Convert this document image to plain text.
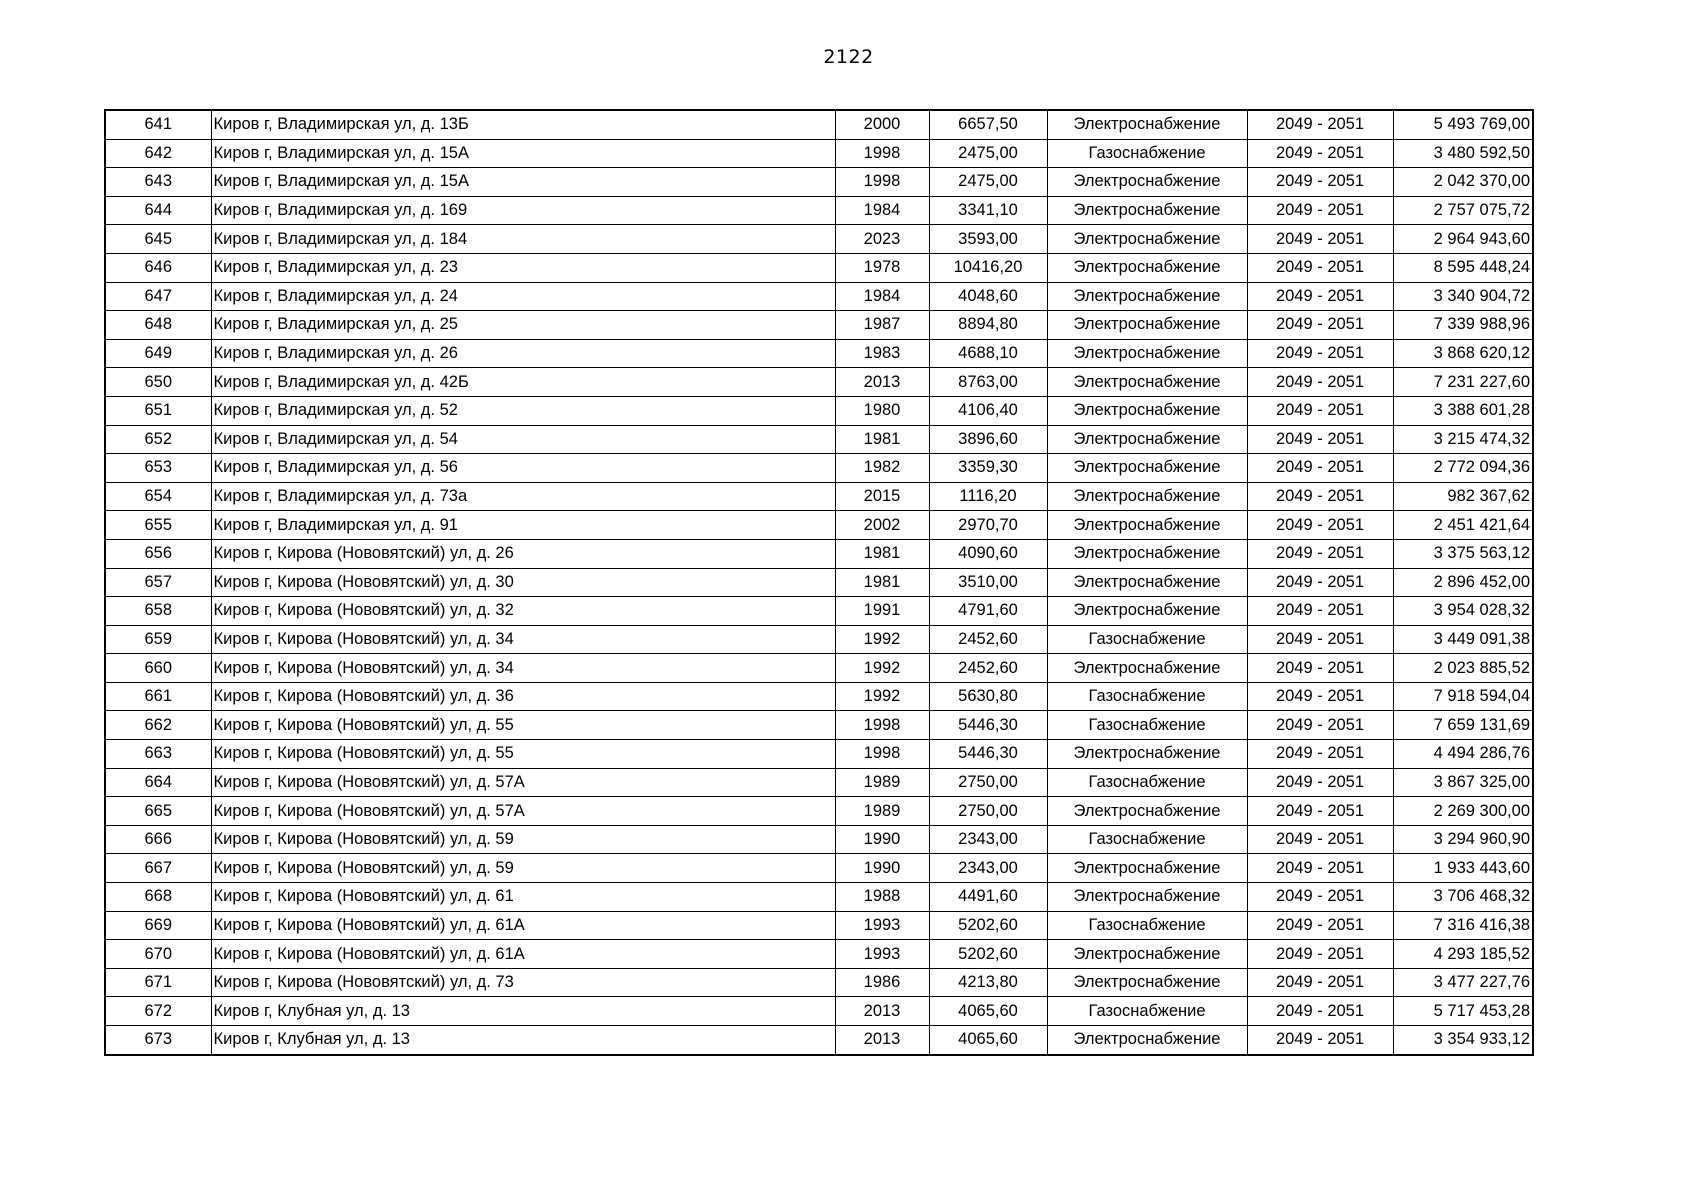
2122
641	Киров г, Владимирская ул, д. 13Б	2000	6657,50	Электроснабжение	2049 - 2051	5 493 769,00
642	Киров г, Владимирская ул, д. 15А	1998	2475,00	Газоснабжение	2049 - 2051	3 480 592,50
643	Киров г, Владимирская ул, д. 15А	1998	2475,00	Электроснабжение	2049 - 2051	2 042 370,00
644	Киров г, Владимирская ул, д. 169	1984	3341,10	Электроснабжение	2049 - 2051	2 757 075,72
645	Киров г, Владимирская ул, д. 184	2023	3593,00	Электроснабжение	2049 - 2051	2 964 943,60
646	Киров г, Владимирская ул, д. 23	1978	10416,20	Электроснабжение	2049 - 2051	8 595 448,24
647	Киров г, Владимирская ул, д. 24	1984	4048,60	Электроснабжение	2049 - 2051	3 340 904,72
648	Киров г, Владимирская ул, д. 25	1987	8894,80	Электроснабжение	2049 - 2051	7 339 988,96
649	Киров г, Владимирская ул, д. 26	1983	4688,10	Электроснабжение	2049 - 2051	3 868 620,12
650	Киров г, Владимирская ул, д. 42Б	2013	8763,00	Электроснабжение	2049 - 2051	7 231 227,60
651	Киров г, Владимирская ул, д. 52	1980	4106,40	Электроснабжение	2049 - 2051	3 388 601,28
652	Киров г, Владимирская ул, д. 54	1981	3896,60	Электроснабжение	2049 - 2051	3 215 474,32
653	Киров г, Владимирская ул, д. 56	1982	3359,30	Электроснабжение	2049 - 2051	2 772 094,36
654	Киров г, Владимирская ул, д. 73а	2015	1116,20	Электроснабжение	2049 - 2051	982 367,62
655	Киров г, Владимирская ул, д. 91	2002	2970,70	Электроснабжение	2049 - 2051	2 451 421,64
656	Киров г, Кирова (Нововятский) ул, д. 26	1981	4090,60	Электроснабжение	2049 - 2051	3 375 563,12
657	Киров г, Кирова (Нововятский) ул, д. 30	1981	3510,00	Электроснабжение	2049 - 2051	2 896 452,00
658	Киров г, Кирова (Нововятский) ул, д. 32	1991	4791,60	Электроснабжение	2049 - 2051	3 954 028,32
659	Киров г, Кирова (Нововятский) ул, д. 34	1992	2452,60	Газоснабжение	2049 - 2051	3 449 091,38
660	Киров г, Кирова (Нововятский) ул, д. 34	1992	2452,60	Электроснабжение	2049 - 2051	2 023 885,52
661	Киров г, Кирова (Нововятский) ул, д. 36	1992	5630,80	Газоснабжение	2049 - 2051	7 918 594,04
662	Киров г, Кирова (Нововятский) ул, д. 55	1998	5446,30	Газоснабжение	2049 - 2051	7 659 131,69
663	Киров г, Кирова (Нововятский) ул, д. 55	1998	5446,30	Электроснабжение	2049 - 2051	4 494 286,76
664	Киров г, Кирова (Нововятский) ул, д. 57А	1989	2750,00	Газоснабжение	2049 - 2051	3 867 325,00
665	Киров г, Кирова (Нововятский) ул, д. 57А	1989	2750,00	Электроснабжение	2049 - 2051	2 269 300,00
666	Киров г, Кирова (Нововятский) ул, д. 59	1990	2343,00	Газоснабжение	2049 - 2051	3 294 960,90
667	Киров г, Кирова (Нововятский) ул, д. 59	1990	2343,00	Электроснабжение	2049 - 2051	1 933 443,60
668	Киров г, Кирова (Нововятский) ул, д. 61	1988	4491,60	Электроснабжение	2049 - 2051	3 706 468,32
669	Киров г, Кирова (Нововятский) ул, д. 61А	1993	5202,60	Газоснабжение	2049 - 2051	7 316 416,38
670	Киров г, Кирова (Нововятский) ул, д. 61А	1993	5202,60	Электроснабжение	2049 - 2051	4 293 185,52
671	Киров г, Кирова (Нововятский) ул, д. 73	1986	4213,80	Электроснабжение	2049 - 2051	3 477 227,76
672	Киров г, Клубная ул, д. 13	2013	4065,60	Газоснабжение	2049 - 2051	5 717 453,28
673	Киров г, Клубная ул, д. 13	2013	4065,60	Электроснабжение	2049 - 2051	3 354 933,12
